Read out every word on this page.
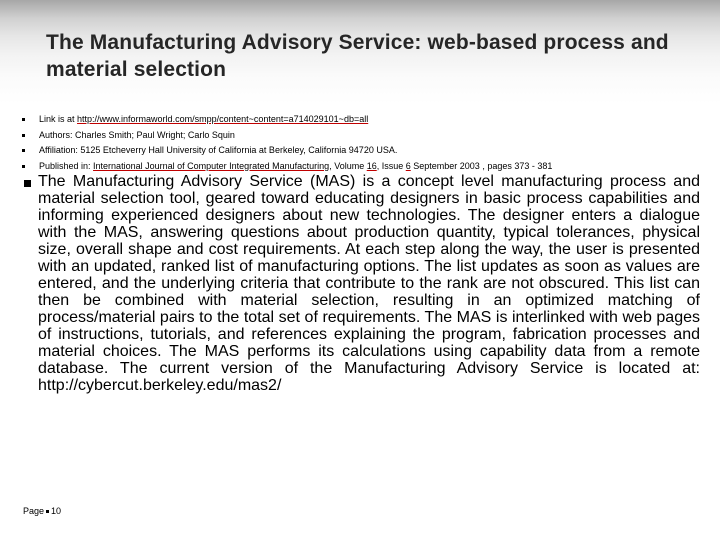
The Manufacturing Advisory Service: web-based process and material selection
Link is at http://www.informaworld.com/smpp/content~content=a714029101~db=all
Authors: Charles Smith; Paul Wright; Carlo Squin
Affiliation: 5125 Etcheverry Hall University of California at Berkeley, California 94720 USA.
Published in: International Journal of Computer Integrated Manufacturing, Volume 16, Issue 6 September 2003 , pages 373 - 381

The Manufacturing Advisory Service (MAS) is a concept level manufacturing process and material selection tool, geared toward educating designers in basic process capabilities and informing experienced designers about new technologies. The designer enters a dialogue with the MAS, answering questions about production quantity, typical tolerances, physical size, overall shape and cost requirements. At each step along the way, the user is presented with an updated, ranked list of manufacturing options. The list updates as soon as values are entered, and the underlying criteria that contribute to the rank are not obscured. This list can then be combined with material selection, resulting in an optimized matching of process/material pairs to the total set of requirements. The MAS is interlinked with web pages of instructions, tutorials, and references explaining the program, fabrication processes and material choices. The MAS performs its calculations using capability data from a remote database. The current version of the Manufacturing Advisory Service is located at: http://cybercut.berkeley.edu/mas2/

Page 10
